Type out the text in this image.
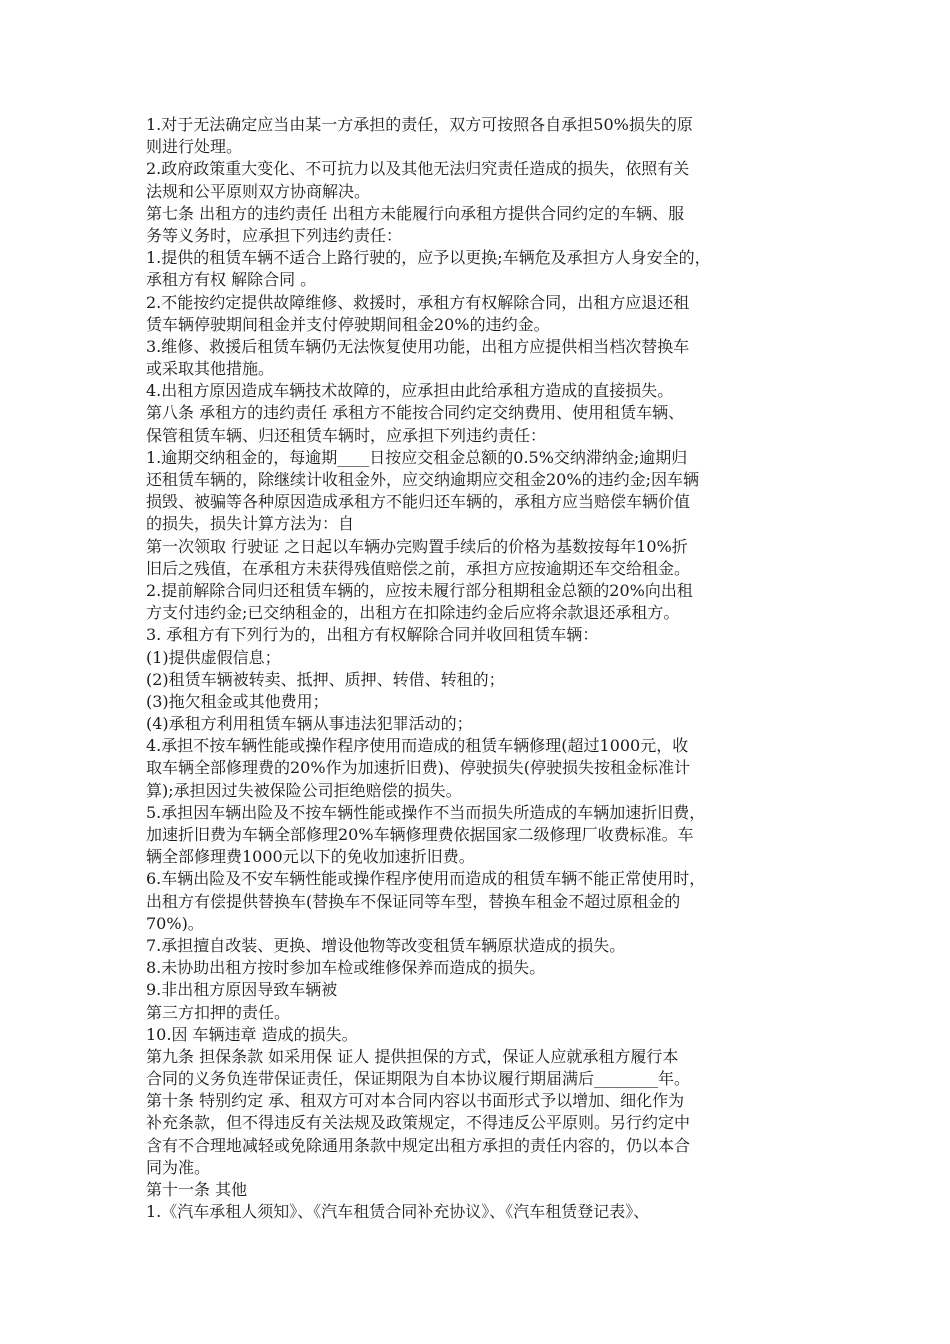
1.对于无法确定应当由某一方承担的责任，双方可按照各自承担50%损失的原
则进行处理。
2.政府政策重大变化、不可抗力以及其他无法归究责任造成的损失，依照有关
法规和公平原则双方协商解决。
第七条 出租方的违约责任 出租方未能履行向承租方提供合同约定的车辆、服
务等义务时，应承担下列违约责任：
1.提供的租赁车辆不适合上路行驶的，应予以更换;车辆危及承担方人身安全的，
承租方有权 解除合同 。
2.不能按约定提供故障维修、救援时，承租方有权解除合同，出租方应退还租
赁车辆停驶期间租金并支付停驶期间租金20%的违约金。
3.维修、救援后租赁车辆仍无法恢复使用功能，出租方应提供相当档次替换车
或采取其他措施。
4.出租方原因造成车辆技术故障的，应承担由此给承租方造成的直接损失。
第八条 承租方的违约责任 承租方不能按合同约定交纳费用、使用租赁车辆、
保管租赁车辆、归还租赁车辆时，应承担下列违约责任：
1.逾期交纳租金的，每逾期____日按应交租金总额的0.5%交纳滞纳金;逾期归
还租赁车辆的，除继续计收租金外，应交纳逾期应交租金20%的违约金;因车辆
损毁、被骗等各种原因造成承租方不能归还车辆的，承租方应当赔偿车辆价值
的损失，损失计算方法为：自
第一次领取 行驶证 之日起以车辆办完购置手续后的价格为基数按每年10%折
旧后之残值，在承租方未获得残值赔偿之前，承担方应按逾期还车交给租金。
2.提前解除合同归还租赁车辆的，应按未履行部分租期租金总额的20%向出租
方支付违约金;已交纳租金的，出租方在扣除违约金后应将余款退还承租方。
3. 承租方有下列行为的，出租方有权解除合同并收回租赁车辆：
(1)提供虚假信息；
(2)租赁车辆被转卖、抵押、质押、转借、转租的；
(3)拖欠租金或其他费用；
(4)承租方利用租赁车辆从事违法犯罪活动的；
4.承担不按车辆性能或操作程序使用而造成的租赁车辆修理(超过1000元，收
取车辆全部修理费的20%作为加速折旧费)、停驶损失(停驶损失按租金标准计
算);承担因过失被保险公司拒绝赔偿的损失。
5.承担因车辆出险及不按车辆性能或操作不当而损失所造成的车辆加速折旧费，
加速折旧费为车辆全部修理20%车辆修理费依据国家二级修理厂收费标准。车
辆全部修理费1000元以下的免收加速折旧费。
6.车辆出险及不安车辆性能或操作程序使用而造成的租赁车辆不能正常使用时，
出租方有偿提供替换车(替换车不保证同等车型，替换车租金不超过原租金的
70%)。
7.承担擅自改装、更换、增设他物等改变租赁车辆原状造成的损失。
8.未协助出租方按时参加车检或维修保养而造成的损失。
9.非出租方原因导致车辆被
第三方扣押的责任。
10.因 车辆违章 造成的损失。
第九条 担保条款 如采用保 证人 提供担保的方式，保证人应就承租方履行本
合同的义务负连带保证责任，保证期限为自本协议履行期届满后________年。
第十条 特别约定 承、租双方可对本合同内容以书面形式予以增加、细化作为
补充条款，但不得违反有关法规及政策规定，不得违反公平原则。另行约定中
含有不合理地减轻或免除通用条款中规定出租方承担的责任内容的，仍以本合
同为准。
第十一条 其他
1.《汽车承租人须知》、《汽车租赁合同补充协议》、《汽车租赁登记表》、
